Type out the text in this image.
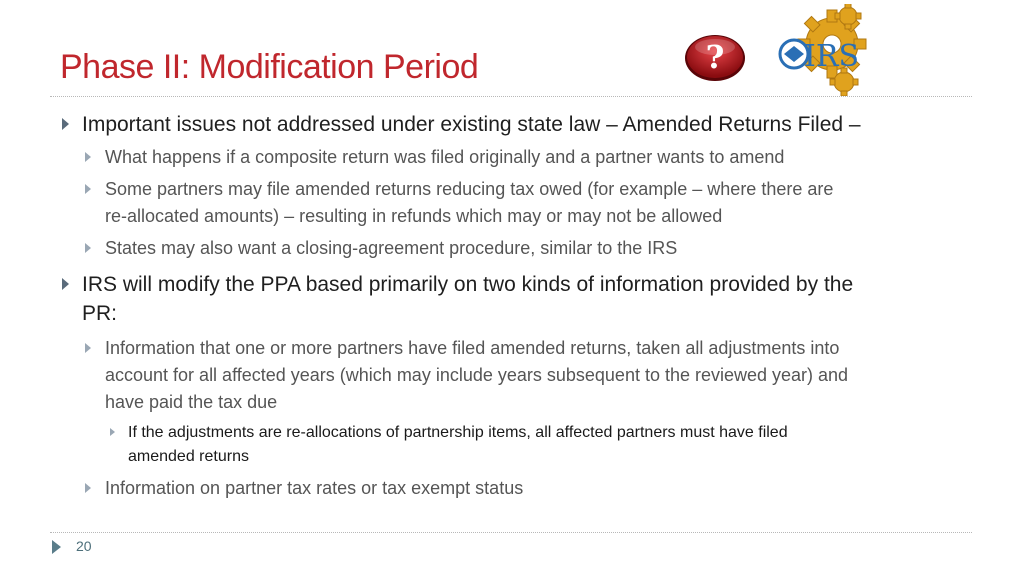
Phase II: Modification Period	?	IRS
Important issues not addressed under existing state law – Amended Returns Filed –
What happens if a composite return was filed originally and a partner wants to amend
Some partners may file amended returns reducing tax owed (for example – where there are
re-allocated amounts) – resulting in refunds which may or may not be allowed
States may also want a closing-agreement procedure, similar to the IRS
IRS will modify the PPA based primarily on two kinds of information provided by the
PR:
Information that one or more partners have filed amended returns, taken all adjustments into
account for all affected years (which may include years subsequent to the reviewed year) and
have paid the tax due
If the adjustments are re-allocations of partnership items, all affected partners must have filed
amended returns
Information on partner tax rates or tax exempt status
20
